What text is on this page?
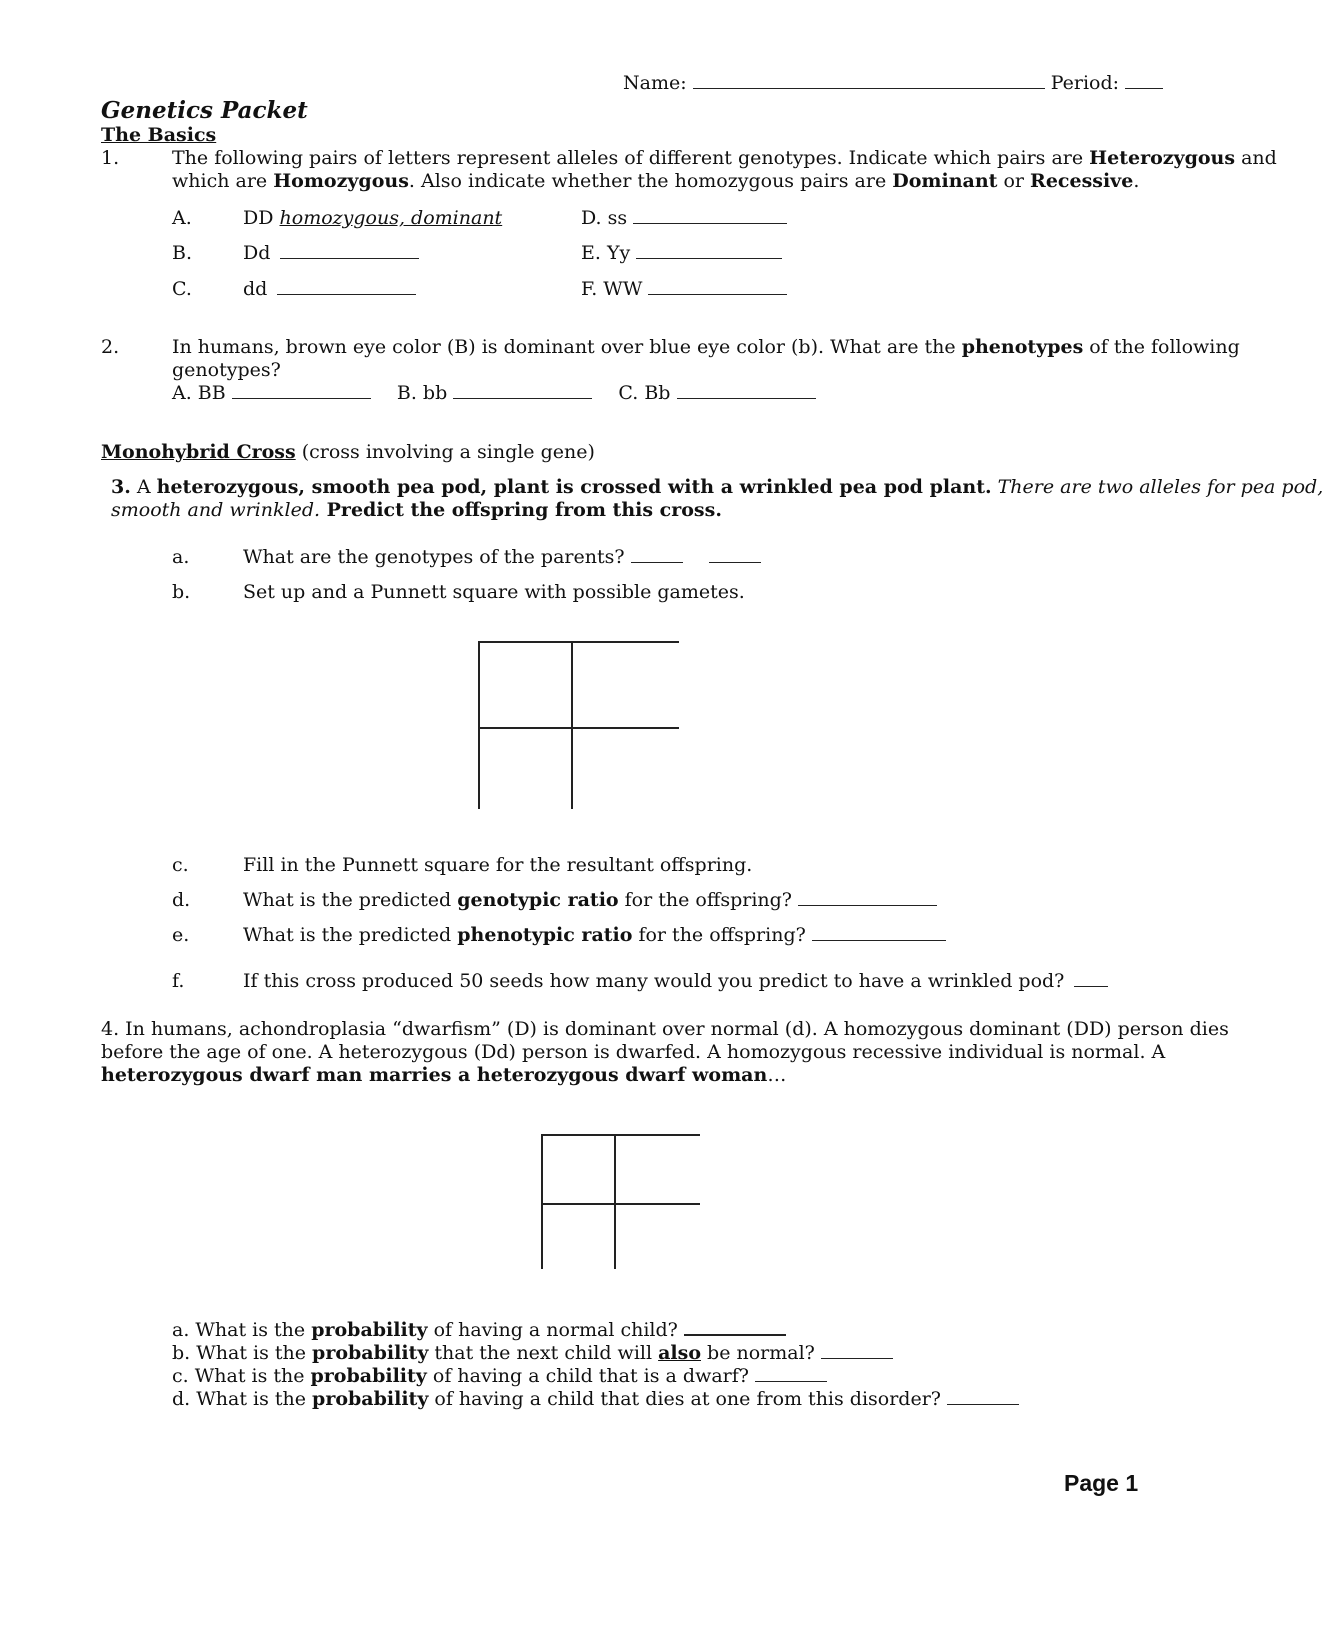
Name:	Period:
Genetics Packet
The Basics
1.	The following pairs of letters represent alleles of different genotypes. Indicate which pairs are Heterozygous and
which are Homozygous. Also indicate whether the homozygous pairs are Dominant or Recessive.
A.	DD homozygous, dominant	D. ss
B.	Dd	E. Yy
C.	dd	F. WW
2.	In humans, brown eye color (B) is dominant over blue eye color (b). What are the phenotypes of the following
genotypes?
A. BB	B. bb	C. Bb
Monohybrid Cross (cross involving a single gene)
3. A heterozygous, smooth pea pod, plant is crossed with a wrinkled pea pod plant. There are two alleles for pea pod,
smooth and wrinkled. Predict the offspring from this cross.
a.	What are the genotypes of the parents?
b.	Set up and a Punnett square with possible gametes.
c.	Fill in the Punnett square for the resultant offspring.
d.	What is the predicted genotypic ratio for the offspring?
e.	What is the predicted phenotypic ratio for the offspring?
f.	If this cross produced 50 seeds how many would you predict to have a wrinkled pod?
4. In humans, achondroplasia “dwarfism” (D) is dominant over normal (d). A homozygous dominant (DD) person dies
before the age of one. A heterozygous (Dd) person is dwarfed. A homozygous recessive individual is normal. A
heterozygous dwarf man marries a heterozygous dwarf woman…
a. What is the probability of having a normal child?
b. What is the probability that the next child will also be normal?
c. What is the probability of having a child that is a dwarf?
d. What is the probability of having a child that dies at one from this disorder?
Page 1
